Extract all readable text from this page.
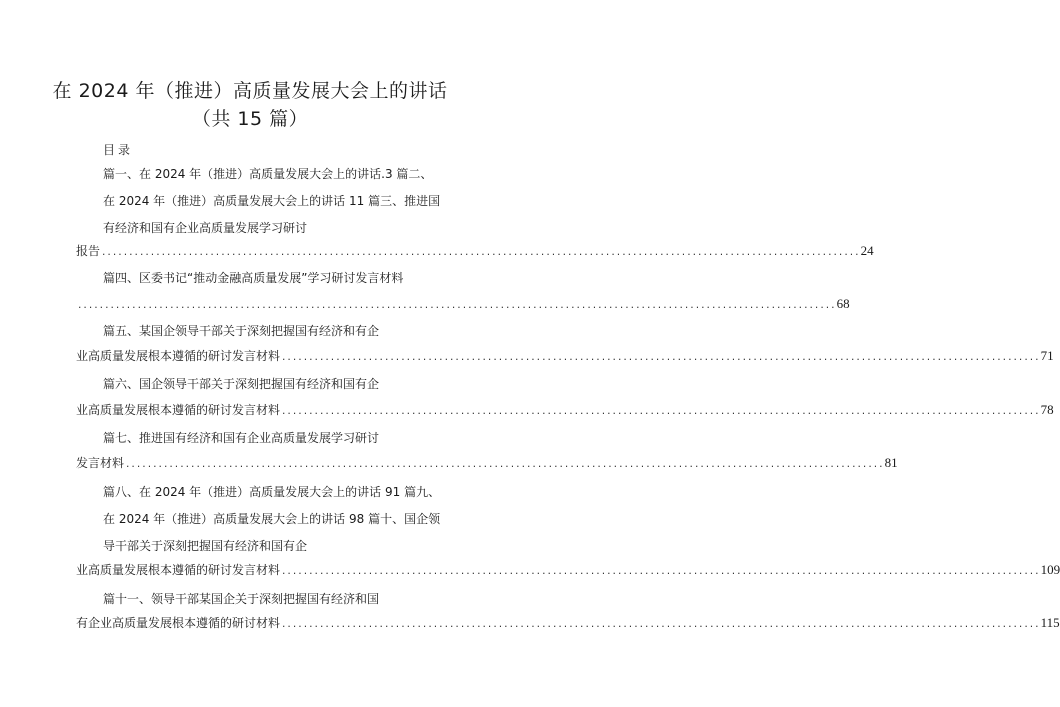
在 2024 年（推进）高质量发展大会上的讲话
（共 15 篇）
目录
篇一、在 2024 年（推进）高质量发展大会上的讲话.3 篇二、
在 2024 年（推进）高质量发展大会上的讲话 11 篇三、推进国
有经济和国有企业高质量发展学习研讨
报告 ............................................................................................................................................ 24
篇四、区委书记“推动金融高质量发展”学习研讨发言材料
............................................................................................................................................ 68
篇五、某国企领导干部关于深刻把握国有经济和有企
业高质量发展根本遵循的研讨发言材料 ............................................................................................................................................ 71
篇六、国企领导干部关于深刻把握国有经济和国有企
业高质量发展根本遵循的研讨发言材料 ............................................................................................................................................ 78
篇七、推进国有经济和国有企业高质量发展学习研讨
发言材料 ............................................................................................................................................ 81
篇八、在 2024 年（推进）高质量发展大会上的讲话 91 篇九、
在 2024 年（推进）高质量发展大会上的讲话 98 篇十、国企领
导干部关于深刻把握国有经济和国有企
业高质量发展根本遵循的研讨发言材料 ............................................................................................................................................ 109
篇十一、领导干部某国企关于深刻把握国有经济和国
有企业高质量发展根本遵循的研讨材料 ............................................................................................................................................ 115
